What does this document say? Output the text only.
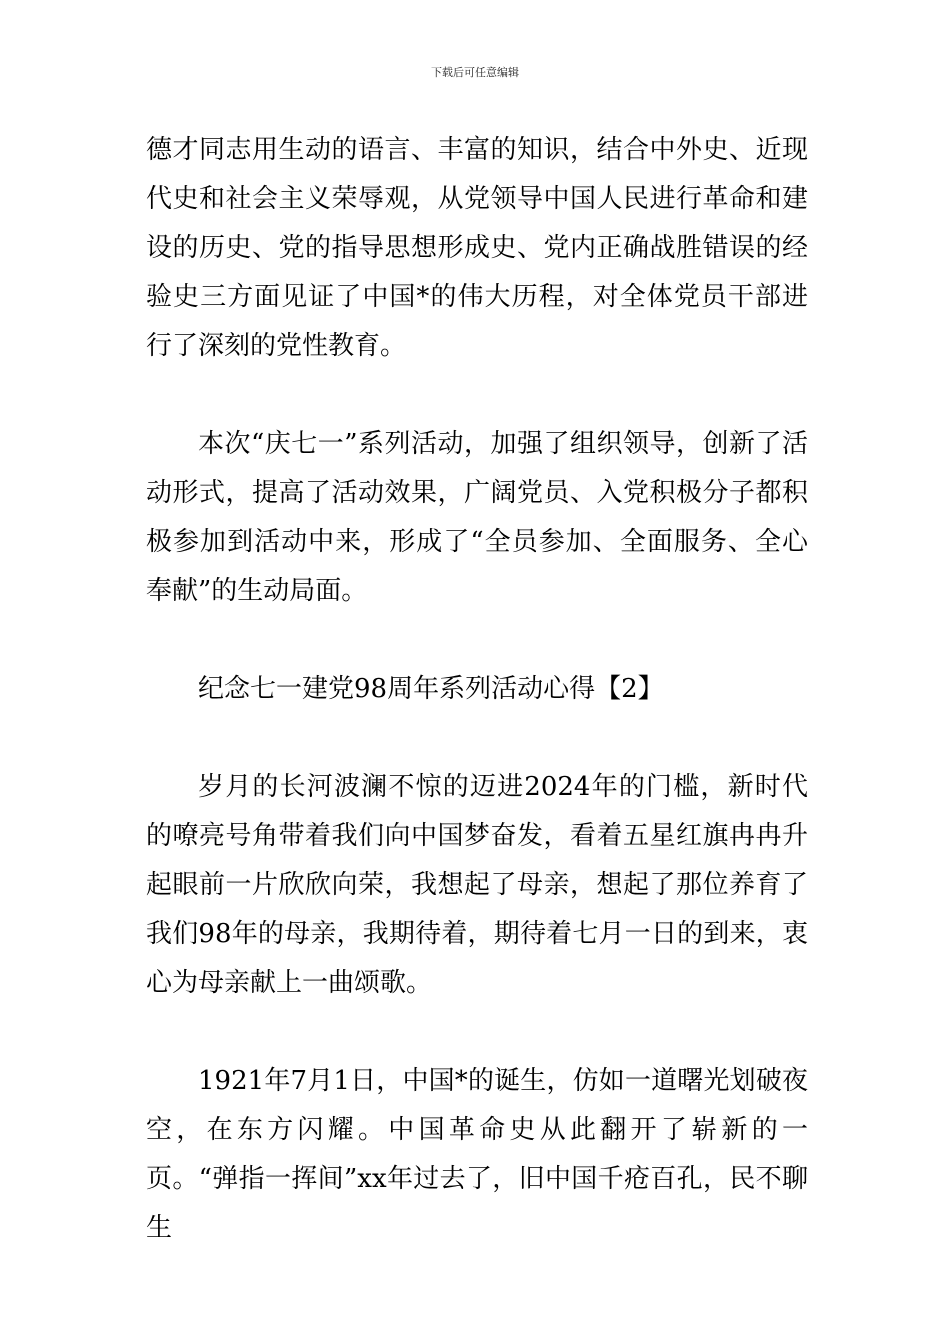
下载后可任意编辑

德才同志用生动的语言、丰富的知识，结合中外史、近现代史和社会主义荣辱观，从党领导中国人民进行革命和建设的历史、党的指导思想形成史、党内正确战胜错误的经验史三方面见证了中国*的伟大历程，对全体党员干部进行了深刻的党性教育。

本次“庆七一”系列活动，加强了组织领导，创新了活动形式，提高了活动效果，广阔党员、入党积极分子都积极参加到活动中来，形成了“全员参加、全面服务、全心奉献”的生动局面。

纪念七一建党98周年系列活动心得【2】

岁月的长河波澜不惊的迈进2024年的门槛，新时代的嘹亮号角带着我们向中国梦奋发，看着五星红旗冉冉升起眼前一片欣欣向荣，我想起了母亲，想起了那位养育了我们98年的母亲，我期待着，期待着七月一日的到来，衷心为母亲献上一曲颂歌。

1921年7月1日，中国*的诞生，仿如一道曙光划破夜空，在东方闪耀。中国革命史从此翻开了崭新的一页。“弹指一挥间”xx年过去了，旧中国千疮百孔，民不聊生
